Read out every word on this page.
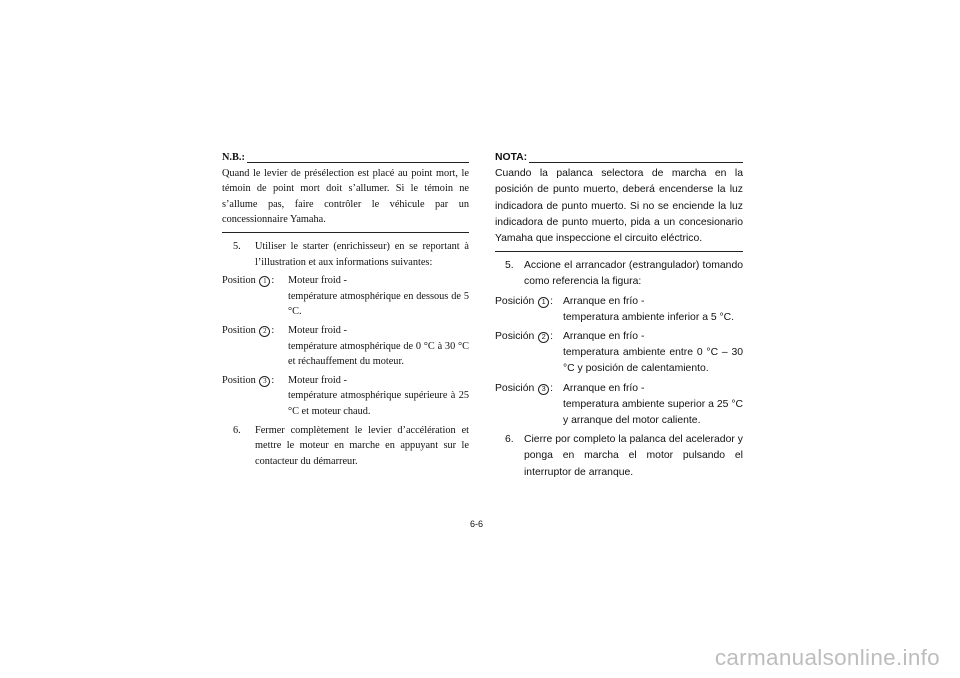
N.B.:
Quand le levier de présélection est placé au point mort, le témoin de point mort doit s’allumer. Si le témoin ne s’allume pas, faire contrôler le véhicule par un concessionnaire Yamaha.
5.	Utiliser le starter (enrichisseur) en se reportant à l’illustration et aux informations suivantes:
Position 1 :	Moteur froid -
température atmosphérique en dessous de 5 °C.
Position 2 :	Moteur froid -
température atmosphérique de 0 °C à 30 °C et réchauffement du moteur.
Position 3 :	Moteur froid -
température atmosphérique supérieure à 25 °C et moteur chaud.
6.	Fermer complètement le levier d’accélération et mettre le moteur en marche en appuyant sur le contacteur du démarreur.
NOTA:
Cuando la palanca selectora de marcha en la posición de punto muerto, deberá encenderse la luz indicadora de punto muerto. Si no se enciende la luz indicadora de punto muerto, pida a un concesionario Yamaha que inspeccione el circuito eléctrico.
5. Accione el arrancador (estrangulador) tomando como referencia la figura:
Posición 1 : Arranque en frío -
temperatura ambiente inferior a 5 °C.
Posición 2 : Arranque en frío -
temperatura ambiente entre 0 °C – 30 °C y posición de calentamiento.
Posición 3 : Arranque en frío -
temperatura ambiente superior a 25 °C y arranque del motor caliente.
6. Cierre por completo la palanca del acelerador y ponga en marcha el motor pulsando el interruptor de arranque.
6-6
carmanualsonline.info
